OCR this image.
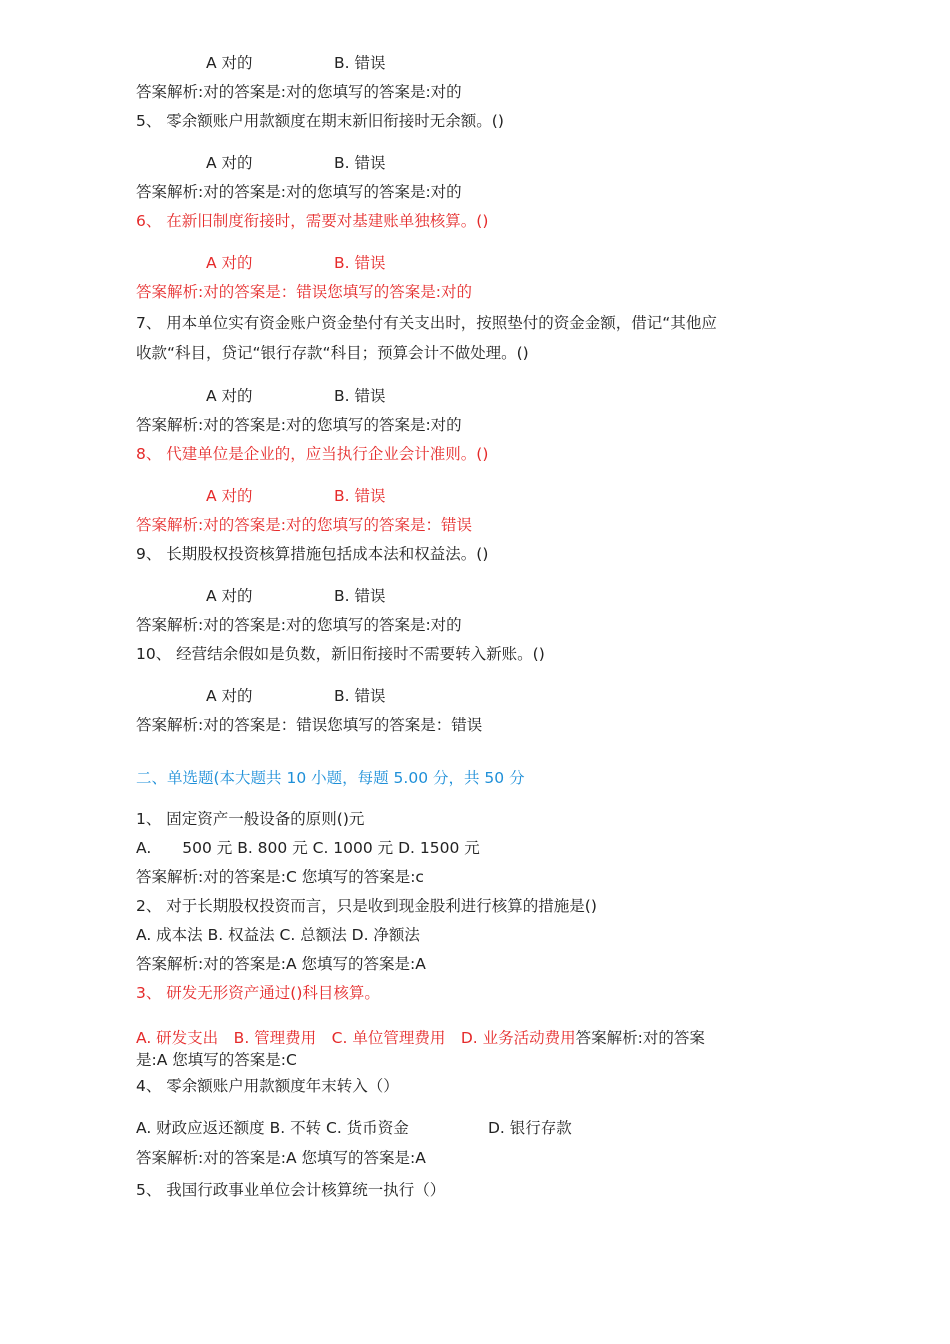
A 对的	B. 错误
答案解析:对的答案是:对的您填写的答案是:对的
5、 零余额账户用款额度在期末新旧衔接时无余额。()
A 对的	B. 错误
答案解析:对的答案是:对的您填写的答案是:对的
6、 在新旧制度衔接时，需要对基建账单独核算。()
A 对的	B. 错误
答案解析:对的答案是：错误您填写的答案是:对的
7、 用本单位实有资金账户资金垫付有关支出时，按照垫付的资金金额，借记“其他应
收款“科目，贷记“银行存款“科目；预算会计不做处理。()
A 对的	B. 错误
答案解析:对的答案是:对的您填写的答案是:对的
8、 代建单位是企业的，应当执行企业会计准则。()
A 对的	B. 错误
答案解析:对的答案是:对的您填写的答案是：错误
9、 长期股权投资核算措施包括成本法和权益法。()
A 对的	B. 错误
答案解析:对的答案是:对的您填写的答案是:对的
10、 经营结余假如是负数，新旧衔接时不需要转入新账。()
A 对的	B. 错误
答案解析:对的答案是：错误您填写的答案是：错误
二、单选题(本大题共 10 小题，每题 5.00 分，共 50 分
1、 固定资产一般设备的原则()元
A.　　500 元 B. 800 元 C. 1000 元 D. 1500 元
答案解析:对的答案是:C 您填写的答案是:c
2、 对于长期股权投资而言，只是收到现金股利进行核算的措施是()
A. 成本法 B. 权益法 C. 总额法 D. 净额法
答案解析:对的答案是:A 您填写的答案是:A
3、 研发无形资产通过()科目核算。
A. 研发支出　B. 管理费用　C. 单位管理费用　D. 业务活动费用答案解析:对的答案
是:A 您填写的答案是:C
4、 零余额账户用款额度年末转入（）
A. 财政应返还额度 B. 不转 C. 货币资金	D. 银行存款
答案解析:对的答案是:A 您填写的答案是:A
5、 我国行政事业单位会计核算统一执行（）
